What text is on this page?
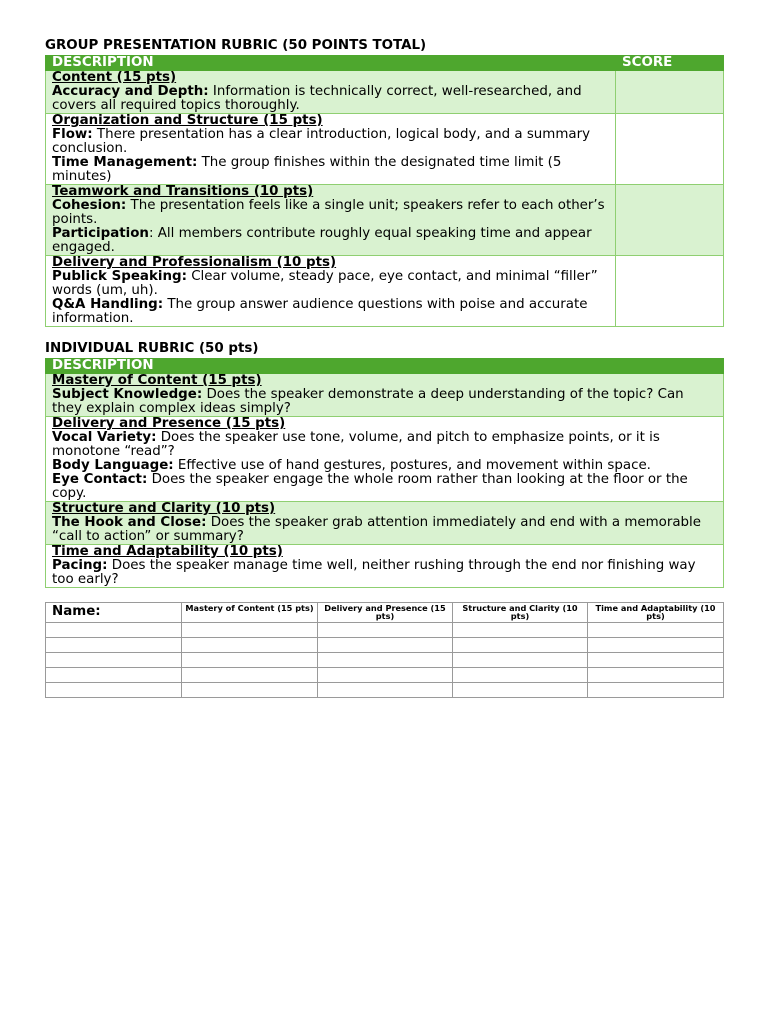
GROUP PRESENTATION RUBRIC (50 POINTS TOTAL)
DESCRIPTION	SCORE

Content (15 pts)
Accuracy and Depth: Information is technically correct, well-researched, and covers all required topics thoroughly.	

Organization and Structure (15 pts)
Flow: There presentation has a clear introduction, logical body, and a summary conclusion.
Time Management: The group finishes within the designated time limit (5 minutes)	

Teamwork and Transitions (10 pts)
Cohesion: The presentation feels like a single unit; speakers refer to each other’s points.
Participation: All members contribute roughly equal speaking time and appear engaged.	

Delivery and Professionalism (10 pts)
Publick Speaking: Clear volume, steady pace, eye contact, and minimal “filler” words (um, uh).
Q&A Handling: The group answer audience questions with poise and accurate information.	

INDIVIDUAL RUBRIC (50 pts)
DESCRIPTION

Mastery of Content (15 pts)
Subject Knowledge: Does the speaker demonstrate a deep understanding of the topic? Can they explain complex ideas simply?

Delivery and Presence (15 pts)
Vocal Variety: Does the speaker use tone, volume, and pitch to emphasize points, or it is monotone “read”?
Body Language: Effective use of hand gestures, postures, and movement within space.
Eye Contact: Does the speaker engage the whole room rather than looking at the floor or the copy.

Structure and Clarity (10 pts)
The Hook and Close: Does the speaker grab attention immediately and end with a memorable “call to action” or summary?

Time and Adaptability (10 pts)
Pacing: Does the speaker manage time well, neither rushing through the end nor finishing way too early?
Name:	Mastery of Content (15 pts)	Delivery and Presence (15 pts)	Structure and Clarity (10 pts)	Time and Adaptability (10 pts)
